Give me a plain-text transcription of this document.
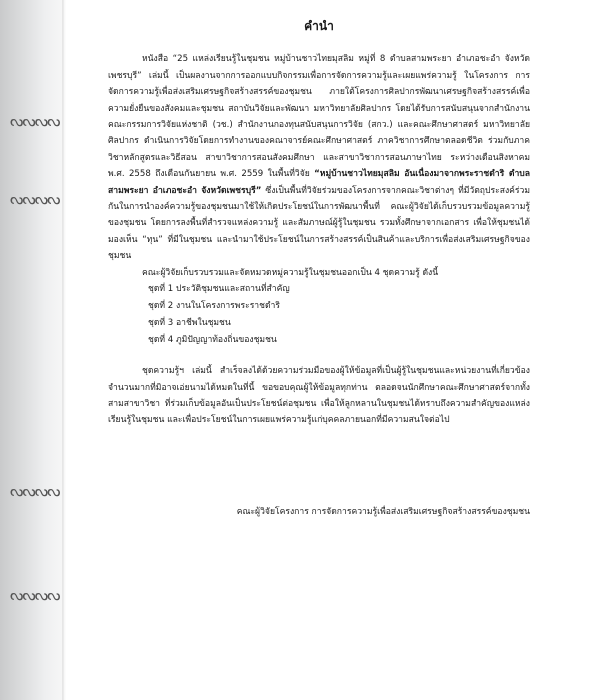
ᔓᔓᔓᔓ
ᔓᔓᔓᔓ
ᔓᔓᔓᔓ
ᔓᔓᔓᔓ
คำนำ

หนังสือ “25 แหล่งเรียนรู้ในชุมชน หมู่บ้านชาวไทยมุสลิม หมู่ที่ 8 ตำบลสามพระยา อำเภอชะอำ จังหวัดเพชรบุรี” เล่มนี้ เป็นผลงานจากการออกแบบกิจกรรมเพื่อการจัดการความรู้และเผยแพร่ความรู้ ในโครงการ การจัดการความรู้เพื่อส่งเสริมเศรษฐกิจสร้างสรรค์ของชุมชน ภายใต้โครงการศิลปากรพัฒนาเศรษฐกิจสร้างสรรค์เพื่อความยั่งยืนของสังคมและชุมชน สถาบันวิจัยและพัฒนา มหาวิทยาลัยศิลปากร โดยได้รับการสนับสนุนจากสำนักงานคณะกรรมการวิจัยแห่งชาติ (วช.) สำนักงานกองทุนสนับสนุนการวิจัย (สกว.) และคณะศึกษาศาสตร์ มหาวิทยาลัยศิลปากร ดำเนินการวิจัยโดยการทำงานของคณาจารย์คณะศึกษาศาสตร์ ภาควิชาการศึกษาตลอดชีวิต ร่วมกับภาควิชาหลักสูตรและวิธีสอน สาขาวิชาการสอนสังคมศึกษา และสาขาวิชาการสอนภาษาไทย ระหว่างเดือนสิงหาคม พ.ศ. 2558 ถึงเดือนกันยายน พ.ศ. 2559 ในพื้นที่วิจัย “หมู่บ้านชาวไทยมุสลิม อันเนื่องมาจากพระราชดำริ ตำบลสามพระยา อำเภอชะอำ จังหวัดเพชรบุรี” ซึ่งเป็นพื้นที่วิจัยร่วมของโครงการจากคณะวิชาต่างๆ ที่มีวัตถุประสงค์ร่วมกันในการนำองค์ความรู้ของชุมชนมาใช้ให้เกิดประโยชน์ในการพัฒนาพื้นที่ คณะผู้วิจัยได้เก็บรวบรวมข้อมูลความรู้ของชุมชน โดยการลงพื้นที่สำรวจแหล่งความรู้ และสัมภาษณ์ผู้รู้ในชุมชน รวมทั้งศึกษาจากเอกสาร เพื่อให้ชุมชนได้มองเห็น “ทุน” ที่มีในชุมชน และนำมาใช้ประโยชน์ในการสร้างสรรค์เป็นสินค้าและบริการเพื่อส่งเสริมเศรษฐกิจของชุมชน

คณะผู้วิจัยเก็บรวบรวมและจัดหมวดหมู่ความรู้ในชุมชนออกเป็น 4 ชุดความรู้ ดังนี้

ชุดที่ 1 ประวัติชุมชนและสถานที่สำคัญ
ชุดที่ 2 งานในโครงการพระราชดำริ
ชุดที่ 3 อาชีพในชุมชน
ชุดที่ 4 ภูมิปัญญาท้องถิ่นของชุมชน

ชุดความรู้ฯ เล่มนี้ สำเร็จลงได้ด้วยความร่วมมือของผู้ให้ข้อมูลที่เป็นผู้รู้ในชุมชนและหน่วยงานที่เกี่ยวข้องจำนวนมากที่มิอาจเอ่ยนามได้หมดในที่นี้ ขอขอบคุณผู้ให้ข้อมูลทุกท่าน ตลอดจนนักศึกษาคณะศึกษาศาสตร์จากทั้งสามสาขาวิชา ที่ร่วมเก็บข้อมูลอันเป็นประโยชน์ต่อชุมชน เพื่อให้ลูกหลานในชุมชนได้ทราบถึงความสำคัญของแหล่งเรียนรู้ในชุมชน และเพื่อประโยชน์ในการเผยแพร่ความรู้แก่บุคคลภายนอกที่มีความสนใจต่อไป

คณะผู้วิจัยโครงการ การจัดการความรู้เพื่อส่งเสริมเศรษฐกิจสร้างสรรค์ของชุมชน
